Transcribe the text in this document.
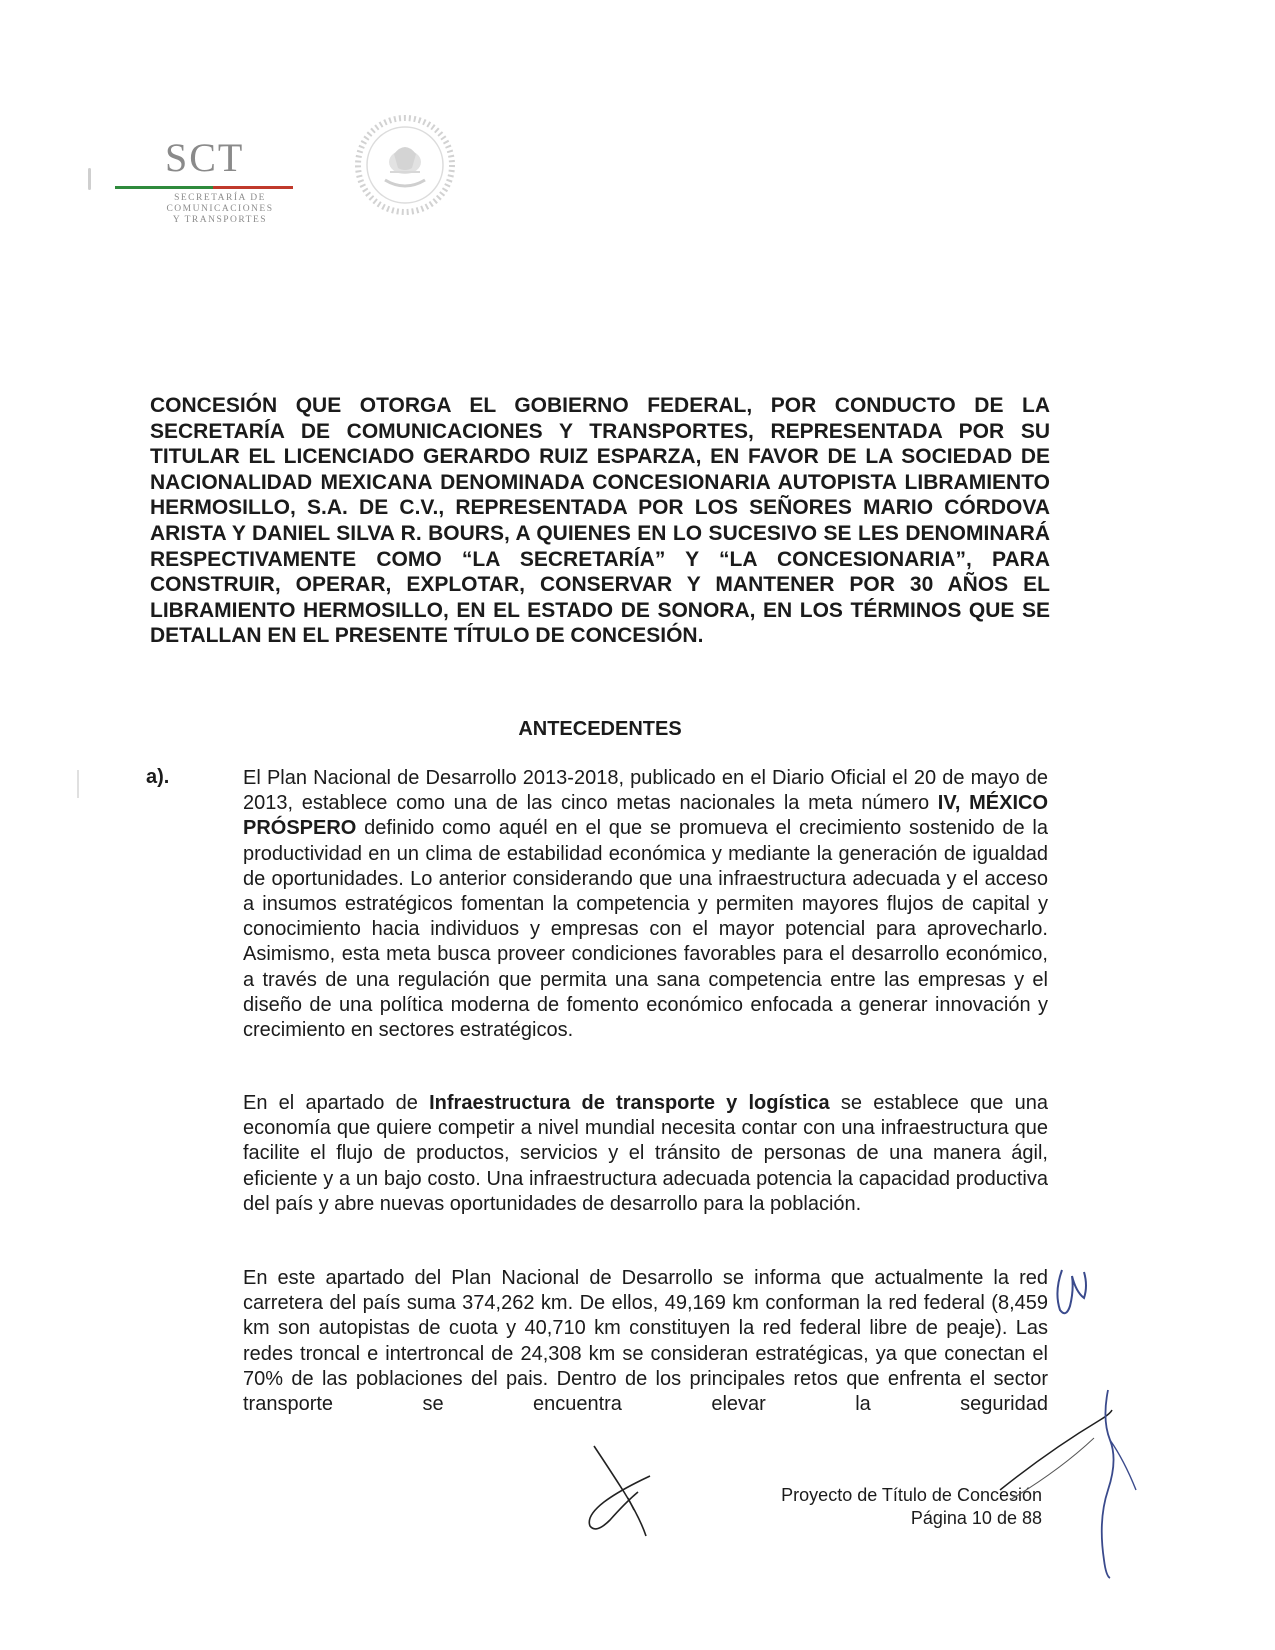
SCT
SECRETARÍA DE
COMUNICACIONES
Y TRANSPORTES
CONCESIÓN QUE OTORGA EL GOBIERNO FEDERAL, POR CONDUCTO DE LA SECRETARÍA DE COMUNICACIONES Y TRANSPORTES, REPRESENTADA POR SU TITULAR EL LICENCIADO GERARDO RUIZ ESPARZA, EN FAVOR DE LA SOCIEDAD DE NACIONALIDAD MEXICANA DENOMINADA CONCESIONARIA AUTOPISTA LIBRAMIENTO HERMOSILLO, S.A. DE C.V., REPRESENTADA POR LOS SEÑORES MARIO CÓRDOVA ARISTA Y DANIEL SILVA R. BOURS, A QUIENES EN LO SUCESIVO SE LES DENOMINARÁ RESPECTIVAMENTE COMO “LA SECRETARÍA” Y “LA CONCESIONARIA”, PARA CONSTRUIR, OPERAR, EXPLOTAR, CONSERVAR Y MANTENER POR 30 AÑOS EL LIBRAMIENTO HERMOSILLO, EN EL ESTADO DE SONORA, EN LOS TÉRMINOS QUE SE DETALLAN EN EL PRESENTE TÍTULO DE CONCESIÓN.
ANTECEDENTES
a).	El Plan Nacional de Desarrollo 2013-2018, publicado en el Diario Oficial el 20 de mayo de 2013, establece como una de las cinco metas nacionales la meta número IV, MÉXICO PRÓSPERO definido como aquél en el que se promueva el crecimiento sostenido de la productividad en un clima de estabilidad económica y mediante la generación de igualdad de oportunidades. Lo anterior considerando que una infraestructura adecuada y el acceso a insumos estratégicos fomentan la competencia y permiten mayores flujos de capital y conocimiento hacia individuos y empresas con el mayor potencial para aprovecharlo. Asimismo, esta meta busca proveer condiciones favorables para el desarrollo económico, a través de una regulación que permita una sana competencia entre las empresas y el diseño de una política moderna de fomento económico enfocada a generar innovación y crecimiento en sectores estratégicos.
En el apartado de Infraestructura de transporte y logística se establece que una economía que quiere competir a nivel mundial necesita contar con una infraestructura que facilite el flujo de productos, servicios y el tránsito de personas de una manera ágil, eficiente y a un bajo costo. Una infraestructura adecuada potencia la capacidad productiva del país y abre nuevas oportunidades de desarrollo para la población.
En este apartado del Plan Nacional de Desarrollo se informa que actualmente la red carretera del país suma 374,262 km. De ellos, 49,169 km conforman la red federal (8,459 km son autopistas de cuota y 40,710 km constituyen la red federal libre de peaje). Las redes troncal e intertroncal de 24,308 km se consideran estratégicas, ya que conectan el 70% de las poblaciones del pais. Dentro de los principales retos que enfrenta el sector transporte se encuentra elevar la seguridad
Proyecto de Título de Concesión
Página 10 de 88
